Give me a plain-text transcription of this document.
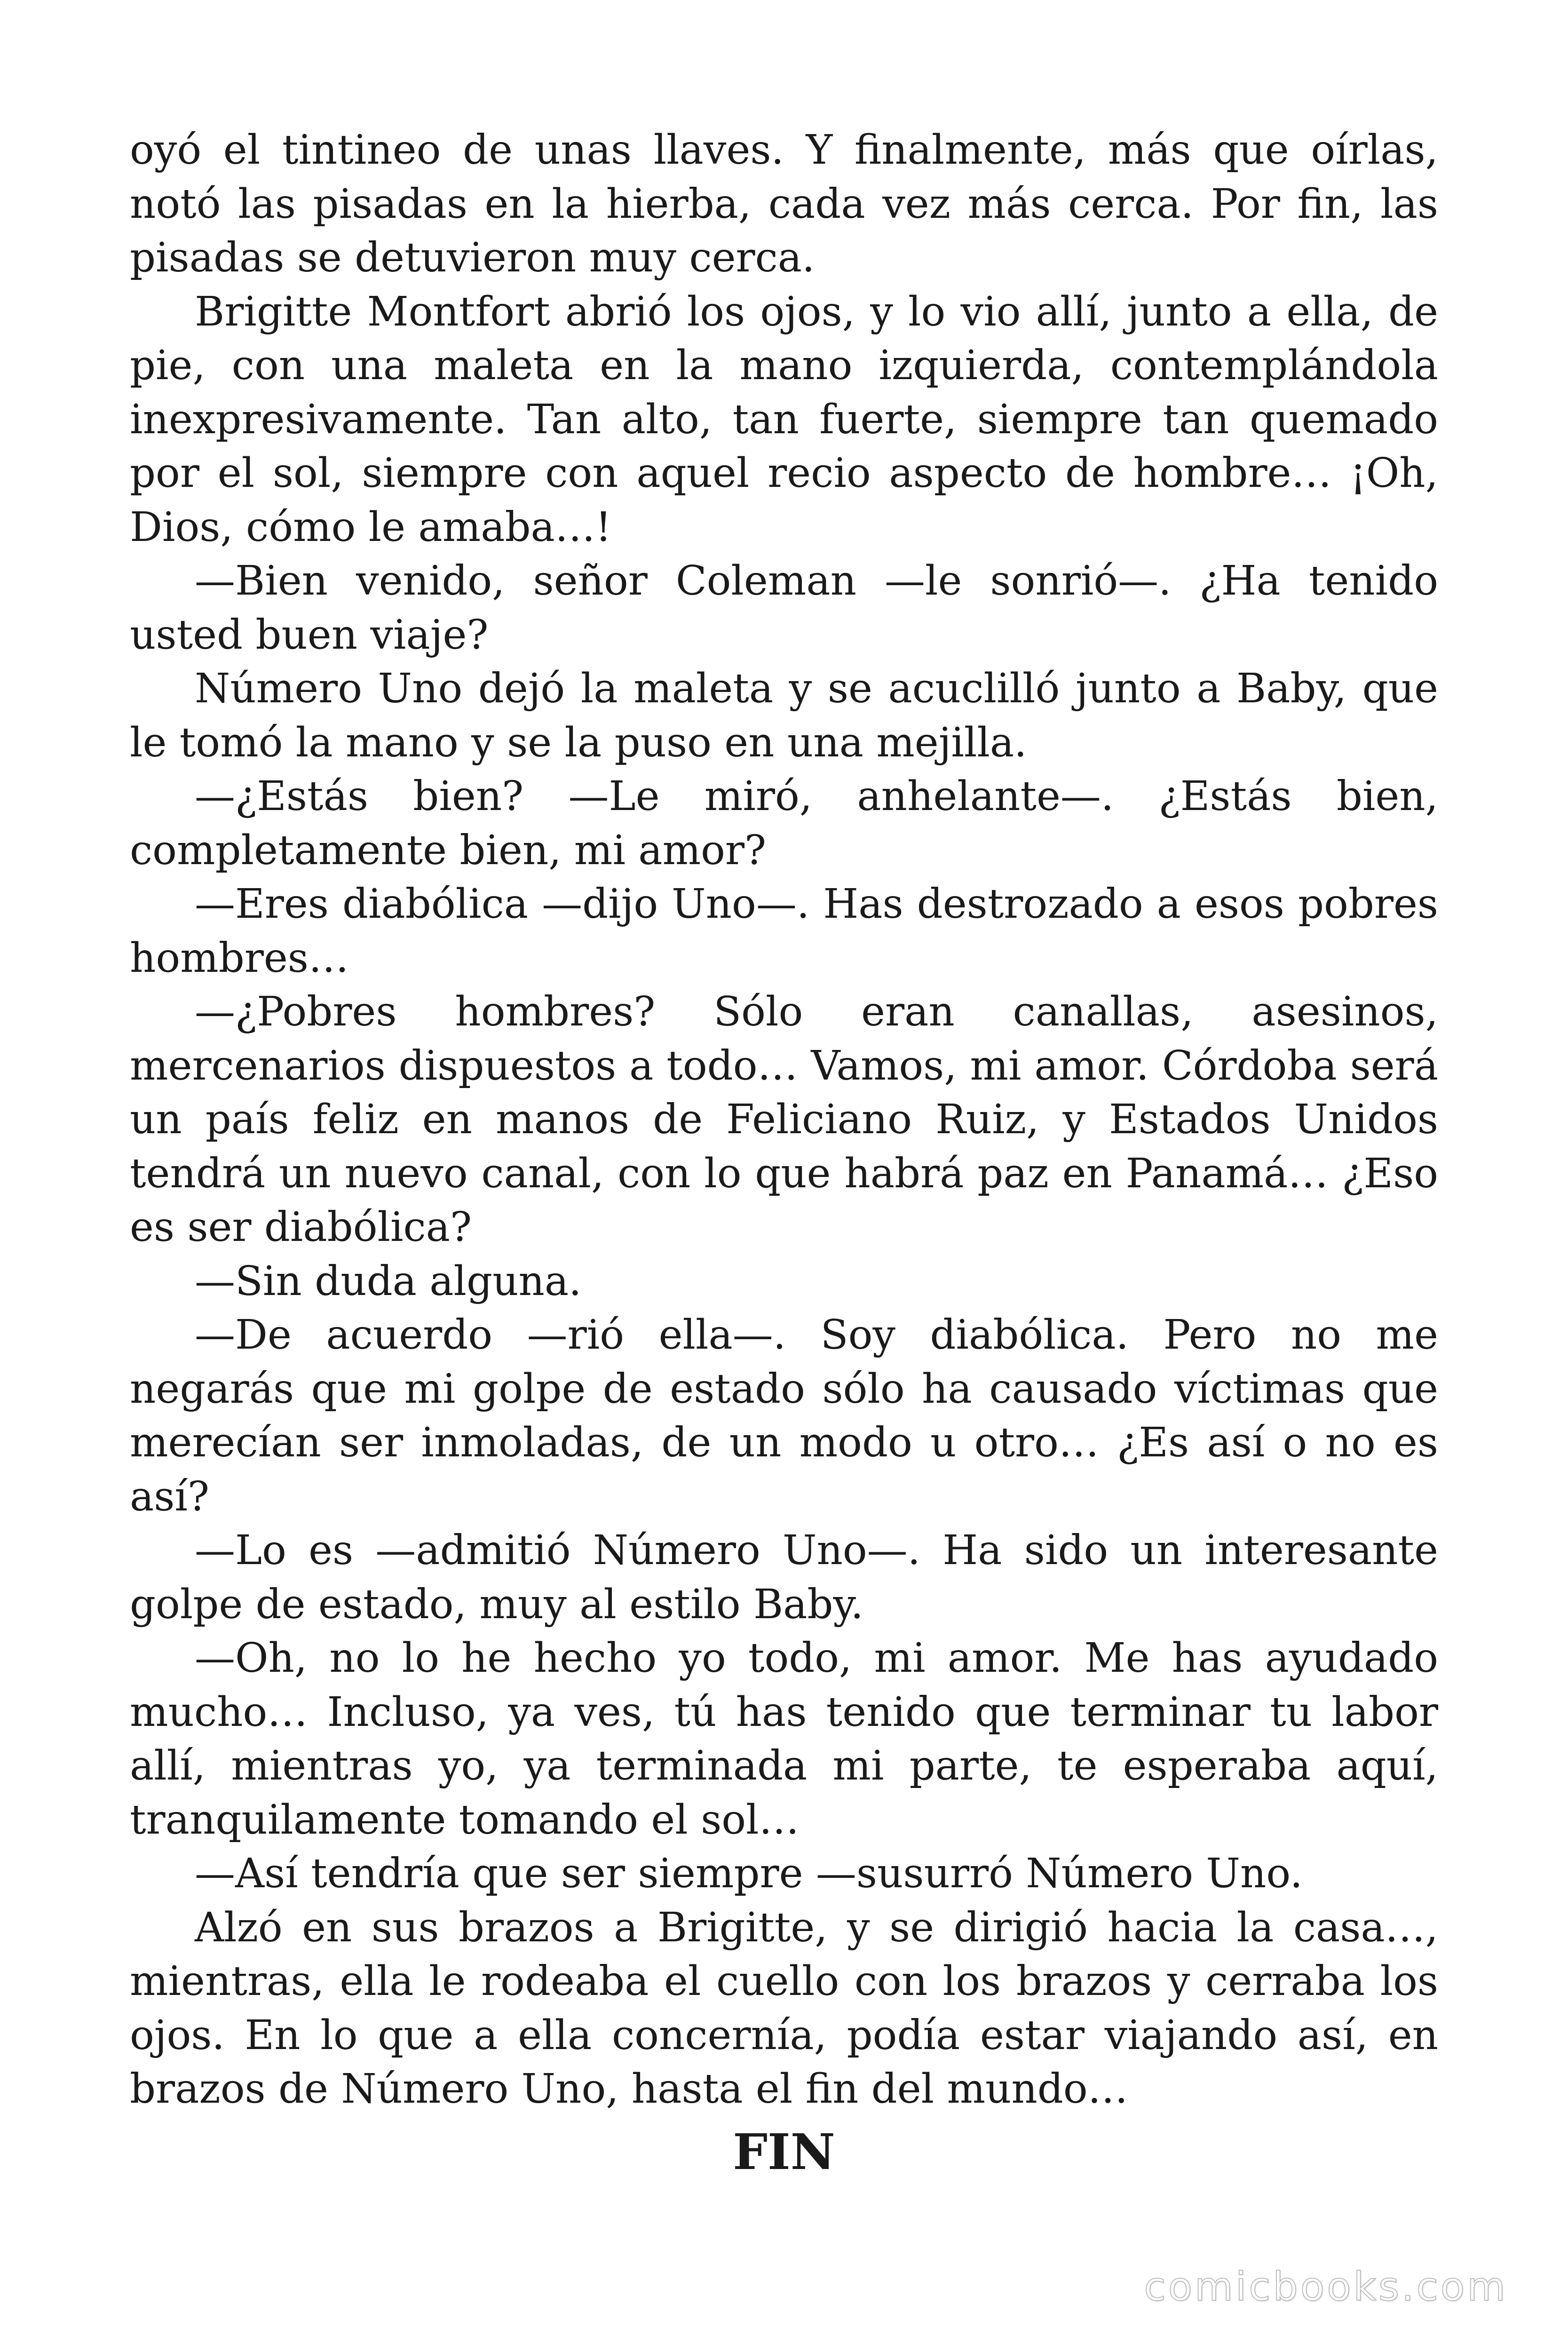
oyó el tintineo de unas llaves. Y finalmente, más que oírlas, notó las pisadas en la hierba, cada vez más cerca. Por fin, las pisadas se detuvieron muy cerca.

Brigitte Montfort abrió los ojos, y lo vio allí, junto a ella, de pie, con una maleta en la mano izquierda, contemplándola inexpresivamente. Tan alto, tan fuerte, siempre tan quemado por el sol, siempre con aquel recio aspecto de hombre… ¡Oh, Dios, cómo le amaba…!

—Bien venido, señor Coleman —le sonrió—. ¿Ha tenido usted buen viaje?

Número Uno dejó la maleta y se acuclilló junto a Baby, que le tomó la mano y se la puso en una mejilla.

—¿Estás bien? —Le miró, anhelante—. ¿Estás bien, completamente bien, mi amor?

—Eres diabólica —dijo Uno—. Has destrozado a esos pobres hombres…

—¿Pobres hombres? Sólo eran canallas, asesinos, mercenarios dispuestos a todo… Vamos, mi amor. Córdoba será un país feliz en manos de Feliciano Ruiz, y Estados Unidos tendrá un nuevo canal, con lo que habrá paz en Panamá… ¿Eso es ser diabólica?

—Sin duda alguna.

—De acuerdo —rió ella—. Soy diabólica. Pero no me negarás que mi golpe de estado sólo ha causado víctimas que merecían ser inmoladas, de un modo u otro… ¿Es así o no es así?

—Lo es —admitió Número Uno—. Ha sido un interesante golpe de estado, muy al estilo Baby.

—Oh, no lo he hecho yo todo, mi amor. Me has ayudado mucho… Incluso, ya ves, tú has tenido que terminar tu labor allí, mientras yo, ya terminada mi parte, te esperaba aquí, tranquilamente tomando el sol…

—Así tendría que ser siempre —susurró Número Uno.

Alzó en sus brazos a Brigitte, y se dirigió hacia la casa…, mientras, ella le rodeaba el cuello con los brazos y cerraba los ojos. En lo que a ella concernía, podía estar viajando así, en brazos de Número Uno, hasta el fin del mundo…

FIN
comicbooks.com
